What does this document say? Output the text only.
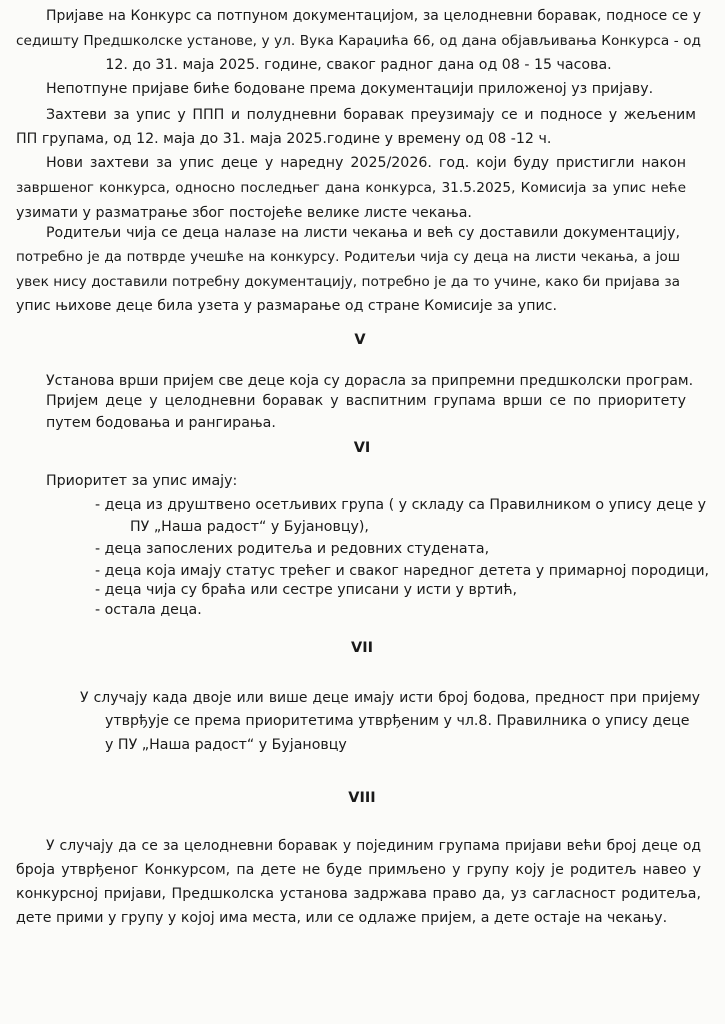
Пријаве на Конкурс са потпуном документацијом, за целодневни боравак, подносе се у
седишту Предшколске установе, у ул. Вука Караџића 66, од дана објављивања Конкурса - од
12. до 31. маја 2025. године, сваког радног дана од 08 - 15 часова.
Непотпуне пријаве биће бодоване према документацији приложеној уз пријаву.
Захтеви за упис у ППП и полудневни боравак преузимају се и подносе у жељеним
ПП групама, од 12. маја до 31. маја 2025.године у времену од 08 -12 ч.
Нови захтеви за упис деце у наредну 2025/2026. год. који буду пристигли након
завршеног конкурса, односно последњег дана конкурса, 31.5.2025, Комисија за упис неће
узимати у разматрање због постојеће велике листе чекања.
Родитељи чија се деца налазе на листи чекања и већ су доставили документацију,
потребно је да потврде учешће на конкурсу. Родитељи чија су деца на листи чекања, а још
увек нису доставили потребну документацију, потребно је да то учине, како би пријава за
упис њихове деце била узета у размарање од стране Комисије за упис.
V
Установа врши пријем све деце која су дорасла за припремни предшколски програм.
Пријем деце у целодневни боравак у васпитним групама врши се по приоритету
путем бодовања и рангирања.
VI
Приоритет за упис имају:
- деца из друштвено осетљивих група ( у складу са Правилником о упису деце у
ПУ „Наша радост“ у Бујановцу),
- деца запослених родитеља и редовних студената,
- деца која имају статус трећег и сваког наредног детета у примарној породици,
- деца чија су браћа или сестре уписани у исти у вртић,
- остала деца.
VII
У случају када двоје или више деце имају исти број бодова, предност при пријему
утврђује се према приоритетима утврђеним у чл.8. Правилника о упису деце
у ПУ „Наша радост“ у Бујановцу
VIII
У случају да се за целодневни боравак у појединим групама пријави већи број деце од
броја утврђеног Конкурсом, па дете не буде примљено у групу коју је родитељ навео у
конкурсној пријави, Предшколска установа задржава право да, уз сагласност родитеља,
дете прими у групу у којој има места, или се одлаже пријем, а дете остаје на чекању.
